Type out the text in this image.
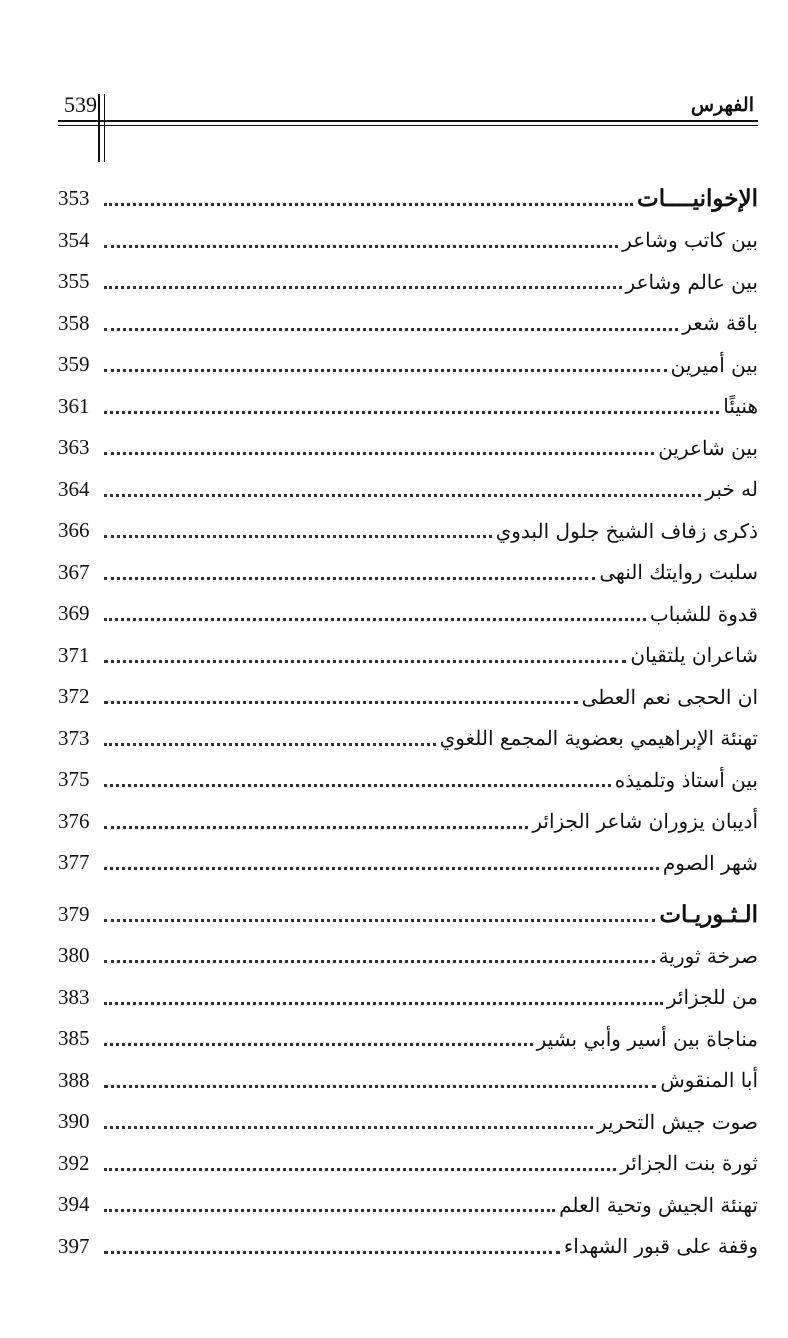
539	الفهرس
353	الإخوانيــــات
354	بين كاتب وشاعر
355	بين عالم وشاعر
358	باقة شعر
359	بين أميرين
361	هنيئًا
363	بين شاعرين
364	له خبر
366	ذكرى زفاف الشيخ جلول البدوي
367	سلبت روايتك النهى
369	قدوة للشباب
371	شاعران يلتقيان
372	ان الحجى نعم العطى
373	تهنئة الإبراهيمي بعضوية المجمع اللغوي
375	بين أستاذ وتلميذه
376	أديبان يزوران شاعر الجزائر
377	شهر الصوم
379	الـثـوريـات
380	صرخة ثورية
383	من للجزائر
385	مناجاة بين أسير وأبي بشير
388	أبا المنقوش
390	صوت جيش التحرير
392	ثورة بنت الجزائر
394	تهنئة الجيش وتحية العلم
397	وقفة على قبور الشهداء
